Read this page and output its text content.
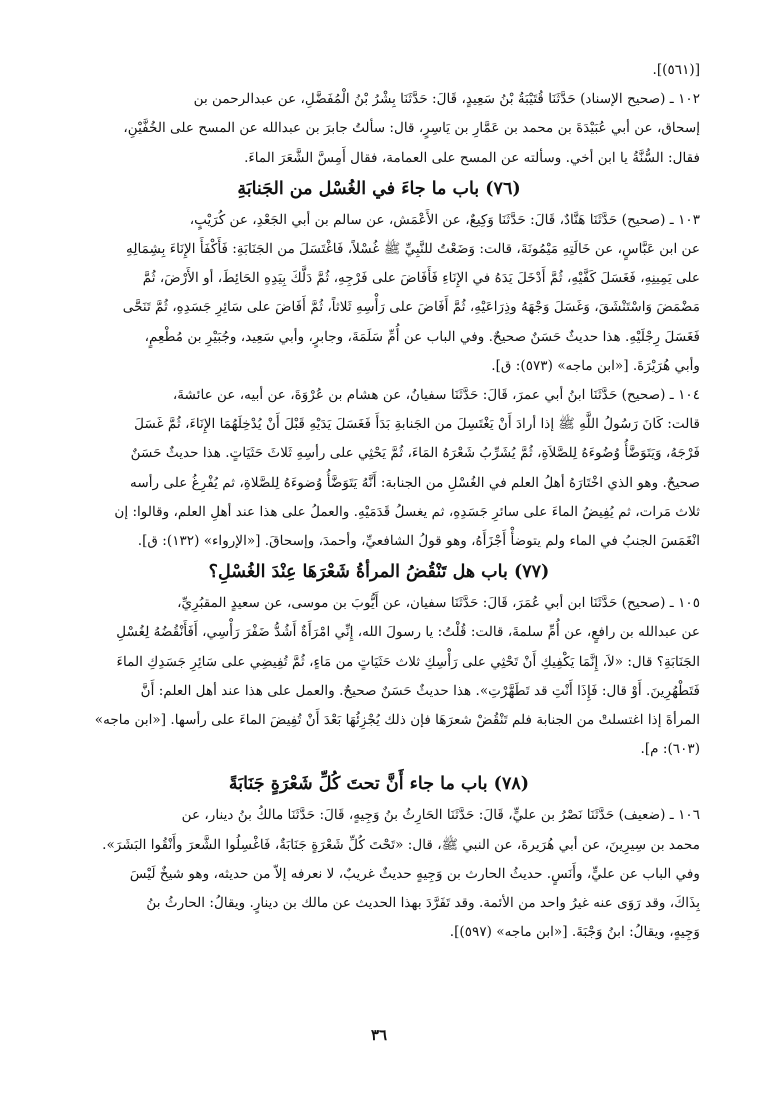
[(٥٦١)].

١٠٢ ـ (صحيح الإسناد) حَدَّثَنَا قُتَيْبَةُ بْنُ سَعِيدٍ، قَالَ: حَدَّثَنَا بِشْرُ بْنُ الْمُفَضَّلِ، عن عبدالرحمن بن

إسحاق، عن أبي عُبَيْدَةَ بن محمد بن عَمَّارِ بن يَاسِرٍ، قال: سألتُ جابرَ بن عبدالله عن المسح على الخُفَّيْنِ،

فقال: السُّنَّةُ يا ابن أخي. وسألته عن المسح على العمامة، فقال أَمِسَّ الشَّعَرَ الماءَ.

(٧٦) باب ما جاءَ في الغُسْل من الجَنابَةِ

١٠٣ ـ (صحيح) حَدَّثَنَا هَنَّادٌ، قَالَ: حَدَّثَنَا وَكِيعٌ، عن الأَعْمَش، عن سالم بن أبي الجَعْدِ، عن كُرَيْبٍ،

عن ابن عَبَّاسٍ، عن خَالَتِهِ مَيْمُونَةَ، قالت: وَضَعْتُ للنَّبِيِّ ﷺ غُسْلاً، فَاغْتَسَلَ من الجَنَابَةِ: فَأَكْفَأَ الإِنَاءَ بِشِمَالِهِ

على يَمِينِهِ، فَغَسَلَ كَفَّيْهِ، ثُمَّ أَدْخَلَ يَدَهُ في الإِنَاءِ فَأَفَاضَ على فَرْجِهِ، ثُمَّ دَلَّكَ بِيَدِهِ الحَائِطَ، أو الأَرْضَ، ثُمَّ

مَضْمَضَ وَاسْتَنْشَقَ، وَغَسَلَ وَجْهَهُ وذِرَاعَيْهِ، ثُمَّ أَفَاضَ على رَأْسِهِ ثَلاثاً، ثُمَّ أَفَاضَ على سَائِرِ جَسَدِهِ، ثُمَّ تَنَحَّى

فَغَسَلَ رِجْلَيْهِ. هذا حديثٌ حَسَنٌ صحيحٌ. وفي الباب عن أُمِّ سَلَمَةَ، وجابرٍ، وأبي سَعِيد، وجُبَيْرِ بن مُطْعِمٍ،

وأبي هُرَيْرَةَ. [«ابن ماجه» (٥٧٣): ق].

١٠٤ ـ (صحيح) حَدَّثَنَا ابنُ أبي عمرَ، قَالَ: حَدَّثَنَا سفيانُ، عن هشام بن عُرْوَةَ، عن أبيه، عن عائشةَ،

قالت: كَانَ رَسُولُ اللَّهِ ﷺ إذا أرادَ أَنْ يَغْتَسِلَ من الجَنابةِ بَدَأَ فَغَسَلَ يَدَيْهِ قَبْلَ أَنْ يُدْخِلَهُمَا الإِنَاءَ، ثُمَّ غَسَلَ

فَرْجَهُ، وَيَتَوَضَّأُ وُضُوءَهُ لِلصَّلاَةِ، ثُمَّ يُشَرِّبُ شَعْرَهُ المَاءَ، ثُمَّ يَحْثِي على رأسِهِ ثَلاثَ حَثَيَاتٍ. هذا حديثٌ حَسَنٌ

صحيحٌ. وهو الذي اخْتَارَهُ أهلُ العلم في الغُسْلِ من الجنابة: أَنَّهُ يَتَوَضَّأُ وُضوءَهُ لِلصَّلاةِ، ثم يُفْرِغُ على رأسه

ثلاث مَرات، ثم يُفِيضُ الماءَ على سائرِ جَسَدِهِ، ثم يغسلُ قَدَمَيْهِ. والعملُ على هذا عند أهلِ العلم، وقالوا: إن

انْغَمَسَ الجنبُ في الماء ولم يتوضأْ أَجْزَأَهُ، وهو قولُ الشافعيِّ، وأحمدَ، وإسحاقَ. [«الإرواء» (١٣٢): ق].

(٧٧) باب هل تَنْقُضُ المرأةُ شَعْرَهَا عِنْدَ الغُسْلِ؟

١٠٥ ـ (صحيح) حَدَّثَنَا ابن أبي عُمَرَ، قَالَ: حَدَّثَنَا سفيان، عن أَيُّوبَ بن موسى، عن سعيدٍ المقبُرِيِّ،

عن عبدالله بن رافعٍ، عن أُمِّ سلمةَ، قالت: قُلْتُ: يا رسولَ الله، إِنِّي امْرَأَةٌ أَشُدُّ ضَفْرَ رَأْسِي، أَفَأَنْقُضُهُ لِغُسْلِ

الجَنَابَةِ؟ قال: «لاَ، إِنَّمَا يَكْفِيكِ أَنْ تَحْثِي على رَأْسِكِ ثلاث حَثَيَاتٍ من مَاءٍ، ثُمَّ تُفِيضِي على سَائِرِ جَسَدِكِ الماءَ

فَتَطْهُرِينَ. أَوْ قال: فَإِذَا أَنْتِ قد تَطَهَّرْتِ». هذا حديثٌ حَسَنٌ صحيحٌ. والعمل على هذا عند أهل العلم: أَنَّ

المرأةَ إذا اغتسلتْ من الجنابة فلم تَنْقُضْ شعرَهَا فإن ذلك يُجْزِئُهَا بَعْدَ أَنْ تُفِيضَ الماءَ على رأسها. [«ابن ماجه»

(٦٠٣): م].

(٧٨) باب ما جاء أَنَّ تحتَ كُلِّ شَعْرَةٍ جَنَابَةً

١٠٦ ـ (ضعيف) حَدَّثَنَا نَصْرُ بن عليٍّ، قَالَ: حَدَّثَنَا الحَارِثُ بنُ وَجِيهٍ، قَالَ: حَدَّثَنَا مالكُ بنُ دينار، عن

محمد بن سِيرِينَ، عن أبي هُرَيرةَ، عن النبي ﷺ، قال: «تَحْتَ كُلِّ شَعْرَةٍ جَنَابَةٌ، فَاغْسِلُوا الشَّعرَ وأَنْقُوا البَشَرَ».

وفي الباب عن عليٍّ، وأَنَسٍ. حديثُ الحارث بن وَجِيهٍ حديثٌ غريبٌ، لا نعرفه إلاّ من حديثه، وهو شيخٌ لَيْسَ

بِذَاكَ، وقد رَوَى عنه غيرُ واحد من الأئمة. وقد تَفَرَّدَ بهذا الحديث عن مالك بن دينارٍ. ويقالُ: الحارثُ بنُ

وَجِيهٍ، ويقالُ: ابنُ وَجْبَةَ. [«ابن ماجه» (٥٩٧)].

٣٦
